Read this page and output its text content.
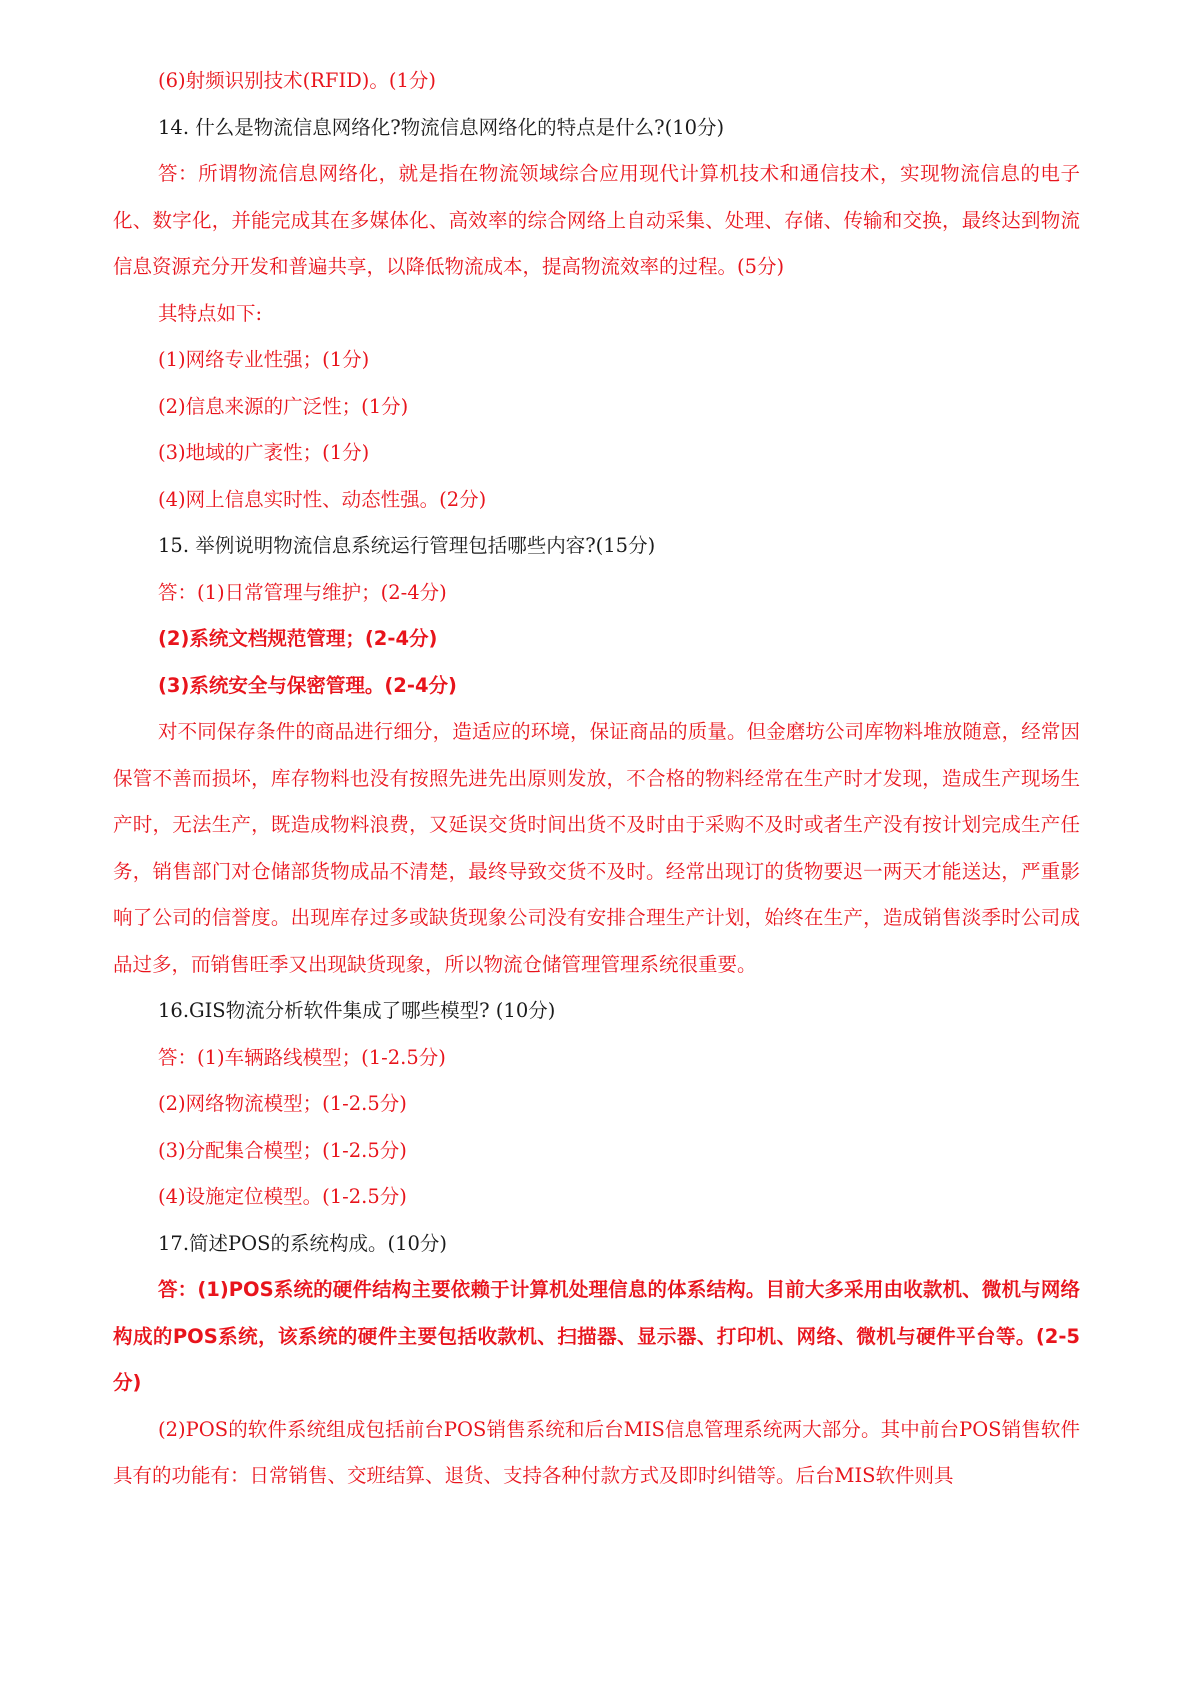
(6)射频识别技术(RFID)。(1分)

14. 什么是物流信息网络化?物流信息网络化的特点是什么?(10分)

答：所谓物流信息网络化，就是指在物流领域综合应用现代计算机技术和通信技术，实现物流信息的电子化、数字化，并能完成其在多媒体化、高效率的综合网络上自动采集、处理、存储、传输和交换，最终达到物流信息资源充分开发和普遍共享，以降低物流成本，提高物流效率的过程。(5分)

其特点如下:

(1)网络专业性强；(1分)

(2)信息来源的广泛性；(1分)

(3)地域的广袤性；(1分)

(4)网上信息实时性、动态性强。(2分)

15. 举例说明物流信息系统运行管理包括哪些内容?(15分)

答：(1)日常管理与维护；(2-4分)

(2)系统文档规范管理；(2-4分)

(3)系统安全与保密管理。(2-4分)

对不同保存条件的商品进行细分，造适应的环境，保证商品的质量。但金磨坊公司库物料堆放随意，经常因保管不善而损坏，库存物料也没有按照先进先出原则发放，不合格的物料经常在生产时才发现，造成生产现场生产时，无法生产，既造成物料浪费，又延误交货时间出货不及时由于采购不及时或者生产没有按计划完成生产任务，销售部门对仓储部货物成品不清楚，最终导致交货不及时。经常出现订的货物要迟一两天才能送达，严重影响了公司的信誉度。出现库存过多或缺货现象公司没有安排合理生产计划，始终在生产，造成销售淡季时公司成品过多，而销售旺季又出现缺货现象，所以物流仓储管理管理系统很重要。

16.GIS物流分析软件集成了哪些模型? (10分)

答：(1)车辆路线模型；(1-2.5分)

(2)网络物流模型；(1-2.5分)

(3)分配集合模型；(1-2.5分)

(4)设施定位模型。(1-2.5分)

17.简述POS的系统构成。(10分)

答：(1)POS系统的硬件结构主要依赖于计算机处理信息的体系结构。目前大多采用由收款机、微机与网络构成的POS系统，该系统的硬件主要包括收款机、扫描器、显示器、打印机、网络、微机与硬件平台等。(2-5分)

(2)POS的软件系统组成包括前台POS销售系统和后台MIS信息管理系统两大部分。其中前台POS销售软件具有的功能有：日常销售、交班结算、退货、支持各种付款方式及即时纠错等。后台MIS软件则具
